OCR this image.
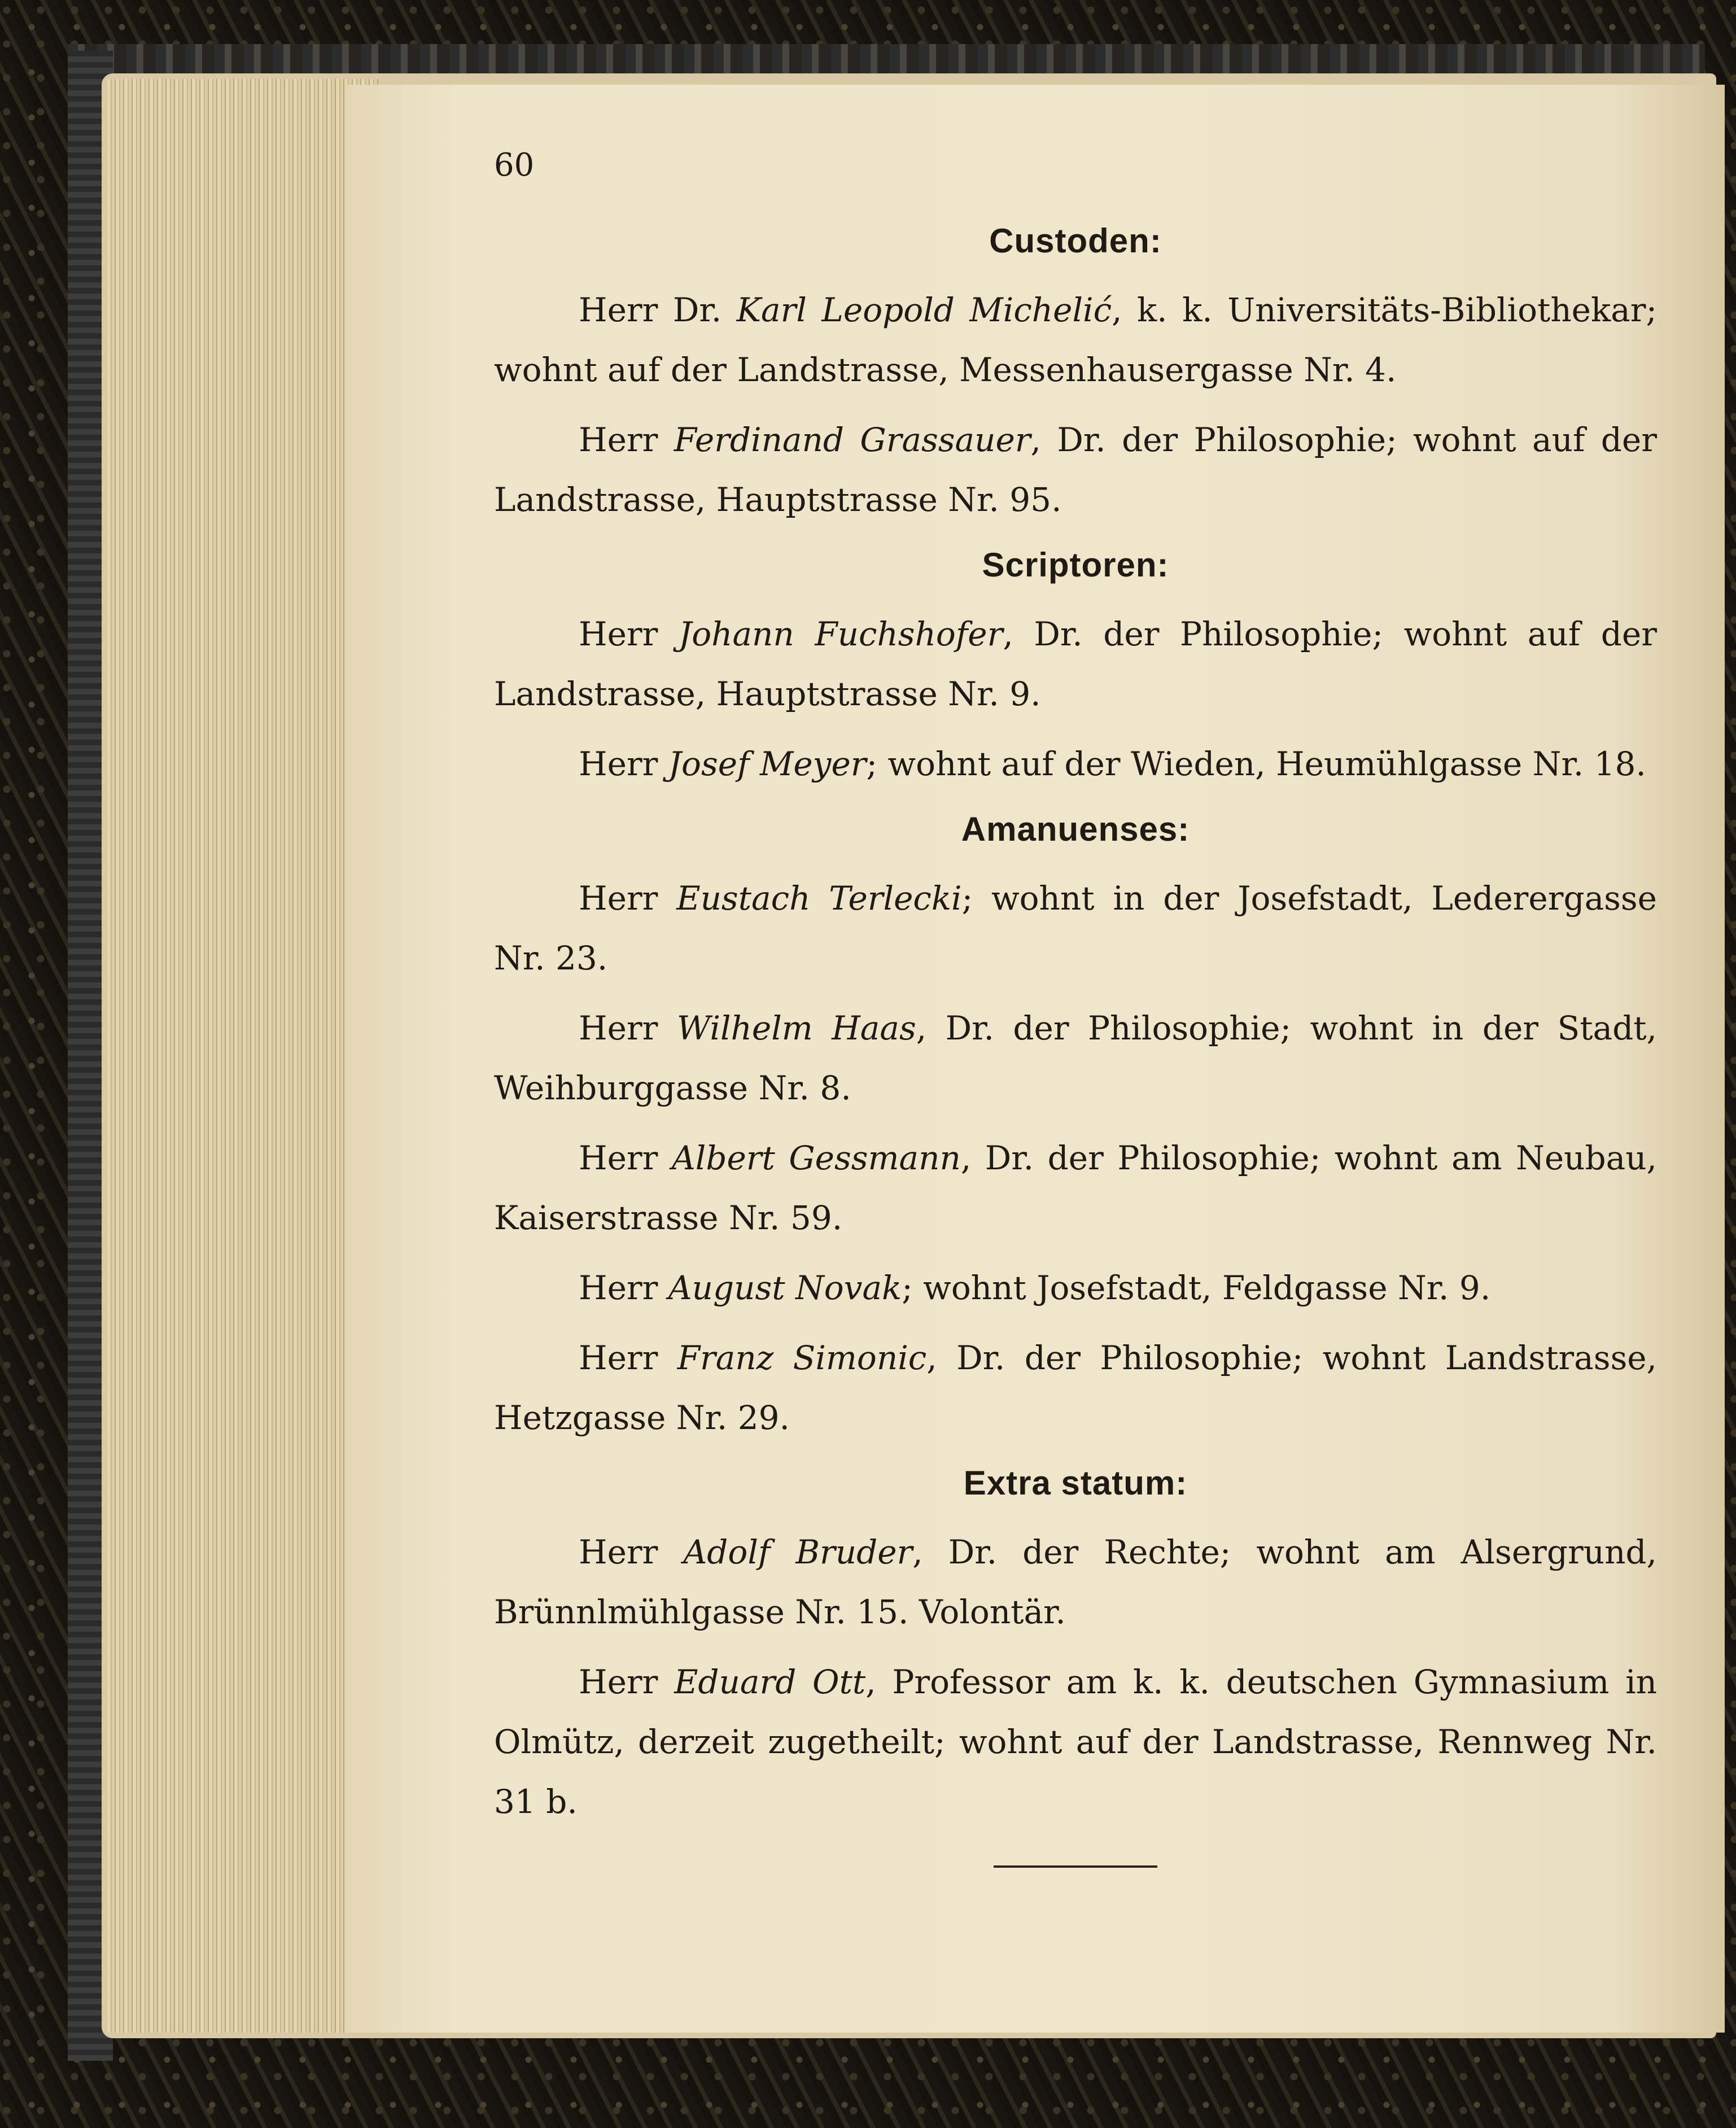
60
Custoden:

Herr Dr. Karl Leopold Michelić, k. k. Universitäts-Bibliothekar; wohnt auf der Landstrasse, Messenhausergasse Nr. 4.

Herr Ferdinand Grassauer, Dr. der Philosophie; wohnt auf der Landstrasse, Hauptstrasse Nr. 95.

Scriptoren:

Herr Johann Fuchshofer, Dr. der Philosophie; wohnt auf der Landstrasse, Hauptstrasse Nr. 9.

Herr Josef Meyer; wohnt auf der Wieden, Heumühlgasse Nr. 18.

Amanuenses:

Herr Eustach Terlecki; wohnt in der Josefstadt, Lederergasse Nr. 23.

Herr Wilhelm Haas, Dr. der Philosophie; wohnt in der Stadt, Weihburggasse Nr. 8.

Herr Albert Gessmann, Dr. der Philosophie; wohnt am Neubau, Kaiserstrasse Nr. 59.

Herr August Novak; wohnt Josefstadt, Feldgasse Nr. 9.

Herr Franz Simonic, Dr. der Philosophie; wohnt Landstrasse, Hetzgasse Nr. 29.

Extra statum:

Herr Adolf Bruder, Dr. der Rechte; wohnt am Alsergrund, Brünnlmühlgasse Nr. 15. Volontär.

Herr Eduard Ott, Professor am k. k. deutschen Gymnasium in Olmütz, derzeit zugetheilt; wohnt auf der Landstrasse, Rennweg Nr. 31 b.
